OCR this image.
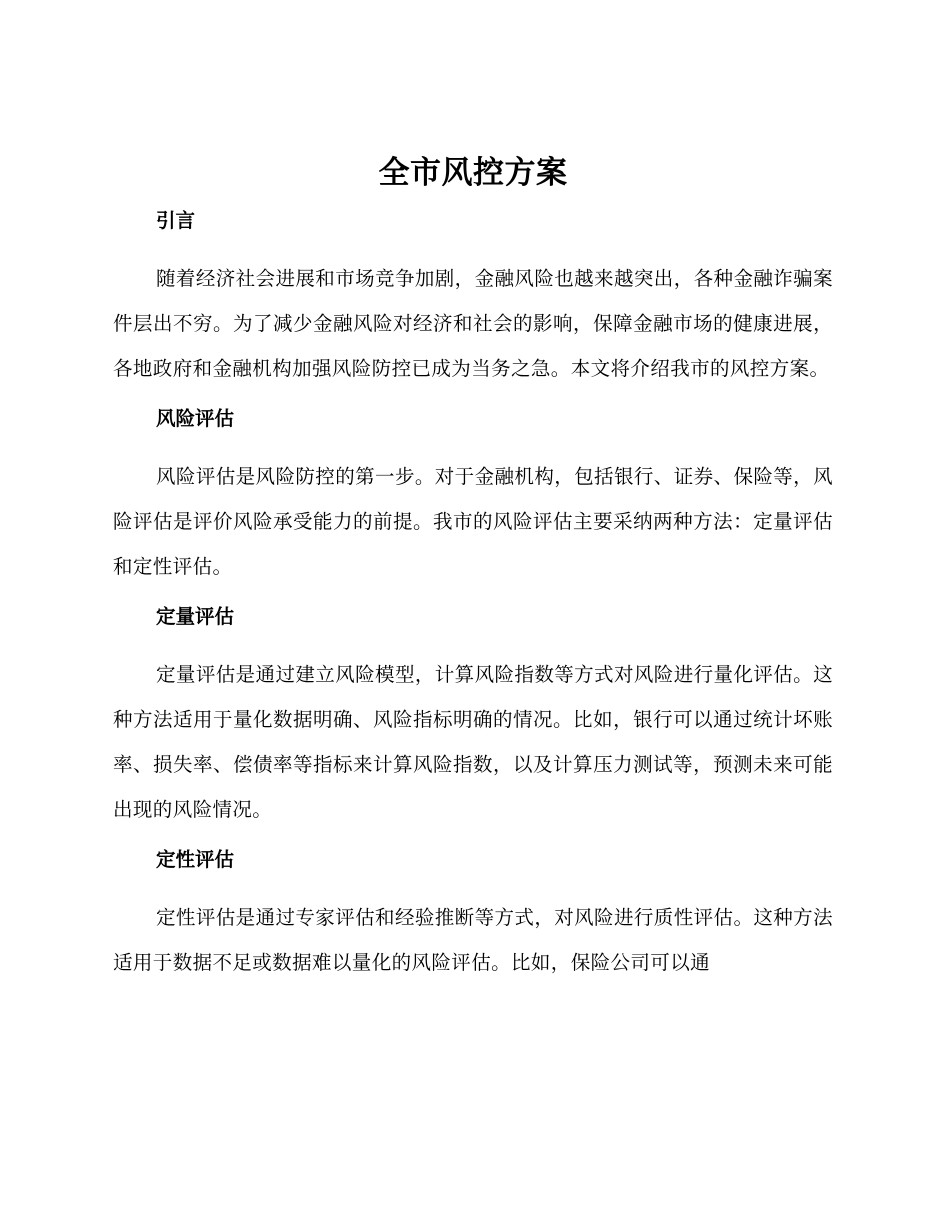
全市风控方案
引言

随着经济社会进展和市场竞争加剧，金融风险也越来越突出，各种金融诈骗案件层出不穷。为了减少金融风险对经济和社会的影响，保障金融市场的健康进展，各地政府和金融机构加强风险防控已成为当务之急。本文将介绍我市的风控方案。

风险评估

风险评估是风险防控的第一步。对于金融机构，包括银行、证券、保险等，风险评估是评价风险承受能力的前提。我市的风险评估主要采纳两种方法：定量评估和定性评估。

定量评估

定量评估是通过建立风险模型，计算风险指数等方式对风险进行量化评估。这种方法适用于量化数据明确、风险指标明确的情况。比如，银行可以通过统计坏账率、损失率、偿债率等指标来计算风险指数，以及计算压力测试等，预测未来可能出现的风险情况。

定性评估

定性评估是通过专家评估和经验推断等方式，对风险进行质性评估。这种方法适用于数据不足或数据难以量化的风险评估。比如，保险公司可以通
